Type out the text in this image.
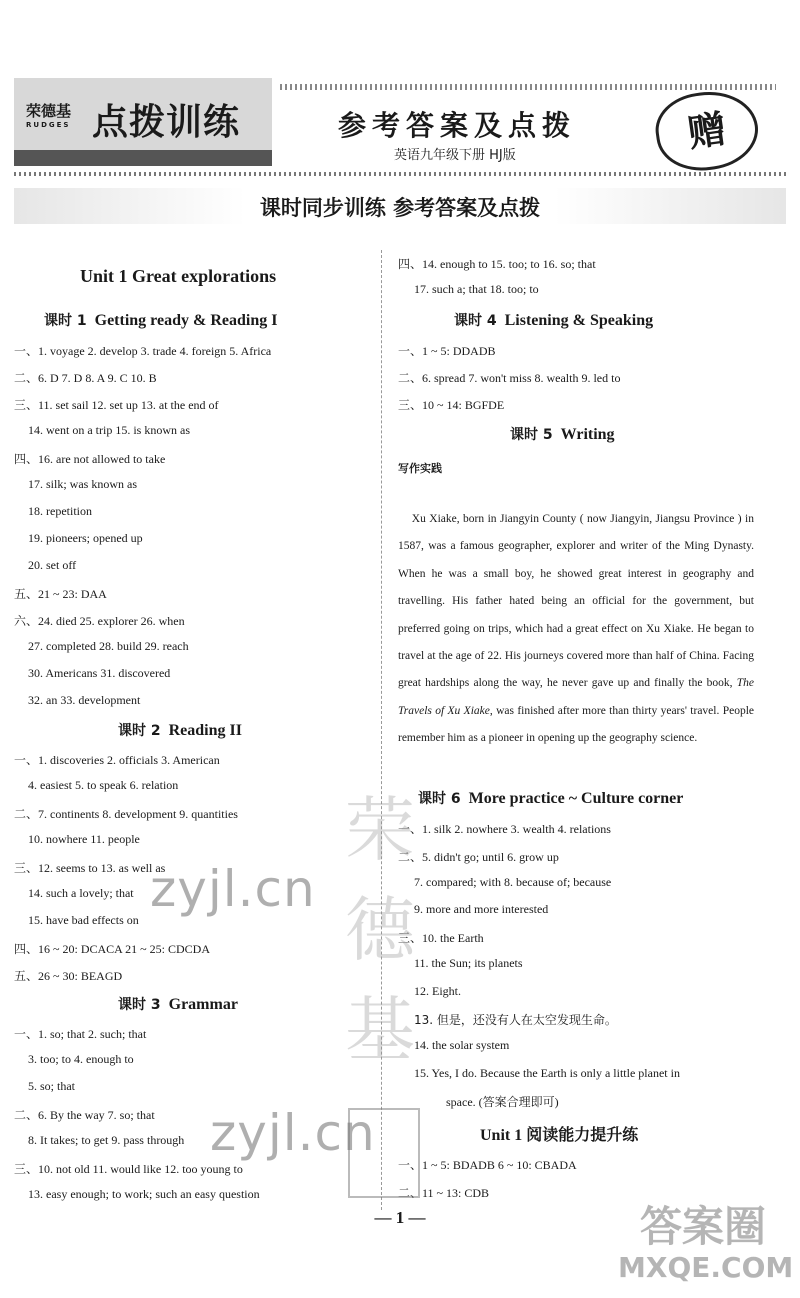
荣德基
RUDGES 点拨训练	参考答案及点拨
英语九年级下册 HJ版
赠
课时同步训练 参考答案及点拨
Unit 1 Great explorations
课时 1 Getting ready & Reading I
一、1. voyage 2. develop 3. trade 4. foreign 5. Africa
二、6. D 7. D 8. A 9. C 10. B
三、11. set sail 12. set up 13. at the end of
14. went on a trip 15. is known as
四、16. are not allowed to take
17. silk; was known as
18. repetition
19. pioneers; opened up
20. set off
五、21 ~ 23: DAA
六、24. died 25. explorer 26. when
27. completed 28. build 29. reach
30. Americans 31. discovered
32. an 33. development
课时 2 Reading II
一、1. discoveries 2. officials 3. American
4. easiest 5. to speak 6. relation
二、7. continents 8. development 9. quantities
10. nowhere 11. people
三、12. seems to 13. as well as
14. such a lovely; that
15. have bad effects on
四、16 ~ 20: DCACA 21 ~ 25: CDCDA
五、26 ~ 30: BEAGD
课时 3 Grammar
一、1. so; that 2. such; that
3. too; to 4. enough to
5. so; that
二、6. By the way 7. so; that
8. It takes; to get 9. pass through
三、10. not old 11. would like 12. too young to
13. easy enough; to work; such an easy question
四、14. enough to 15. too; to 16. so; that
17. such a; that 18. too; to
课时 4 Listening & Speaking
一、1 ~ 5: DDADB
二、6. spread 7. won't miss 8. wealth 9. led to
三、10 ~ 14: BGFDE
课时 5 Writing
写作实践
Xu Xiake, born in Jiangyin County ( now Jiangyin, Jiangsu Province ) in 1587, was a famous geographer, explorer and writer of the Ming Dynasty. When he was a small boy, he showed great interest in geography and travelling. His father hated being an official for the government, but preferred going on trips, which had a great effect on Xu Xiake. He began to travel at the age of 22. His journeys covered more than half of China. Facing great hardships along the way, he never gave up and finally the book, The Travels of Xu Xiake, was finished after more than thirty years' travel. People remember him as a pioneer in opening up the geography science.
课时 6 More practice ~ Culture corner
一、1. silk 2. nowhere 3. wealth 4. relations
二、5. didn't go; until 6. grow up
7. compared; with 8. because of; because
9. more and more interested
三、10. the Earth
11. the Sun; its planets
12. Eight.
13. 但是，还没有人在太空发现生命。
14. the solar system
15. Yes, I do. Because the Earth is only a little planet in
space. (答案合理即可)
Unit 1 阅读能力提升练
一、1 ~ 5: BDADB 6 ~ 10: CBADA
二、11 ~ 13: CDB
— 1 —
zyjl.cn
zyjl.cn
荣
德
基
答案圈
MXQE.COM
